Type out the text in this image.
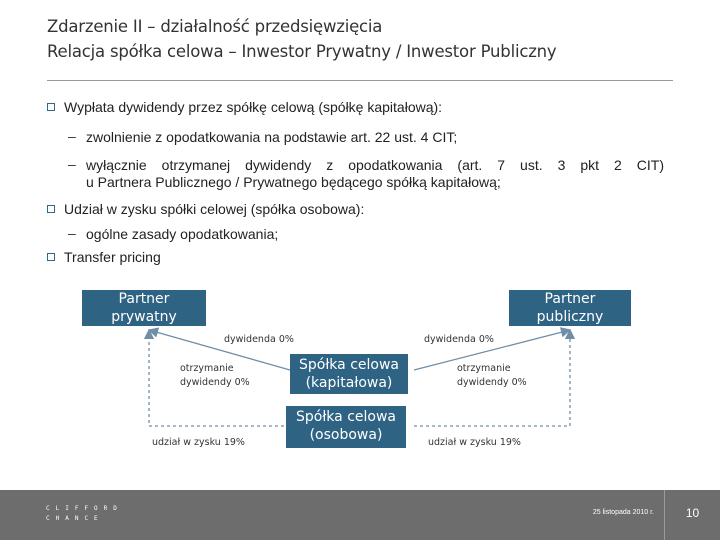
Zdarzenie II – działalność przedsięwzięcia
Relacja spółka celowa – Inwestor Prywatny / Inwestor Publiczny
Wypłata dywidendy przez spółkę celową (spółkę kapitałową):
– zwolnienie z opodatkowania na podstawie art. 22 ust. 4 CIT;
– wyłącznie otrzymanej dywidendy z opodatkowania (art. 7 ust. 3 pkt 2 CIT)
u Partnera Publicznego / Prywatnego będącego spółką kapitałową;
Udział w zysku spółki celowej (spółka osobowa):
– ogólne zasady opodatkowania;
Transfer pricing
Partner
prywatny
Partner
publiczny
Spółka celowa
(kapitałowa)
Spółka celowa
(osobowa)
dywidenda 0%	dywidenda 0%
otrzymanie
dywidendy 0%
otrzymanie
dywidendy 0%
udział w zysku 19%	udział w zysku 19%
CLIFFORD
CHANCE
25 listopada 2010 r.	10
